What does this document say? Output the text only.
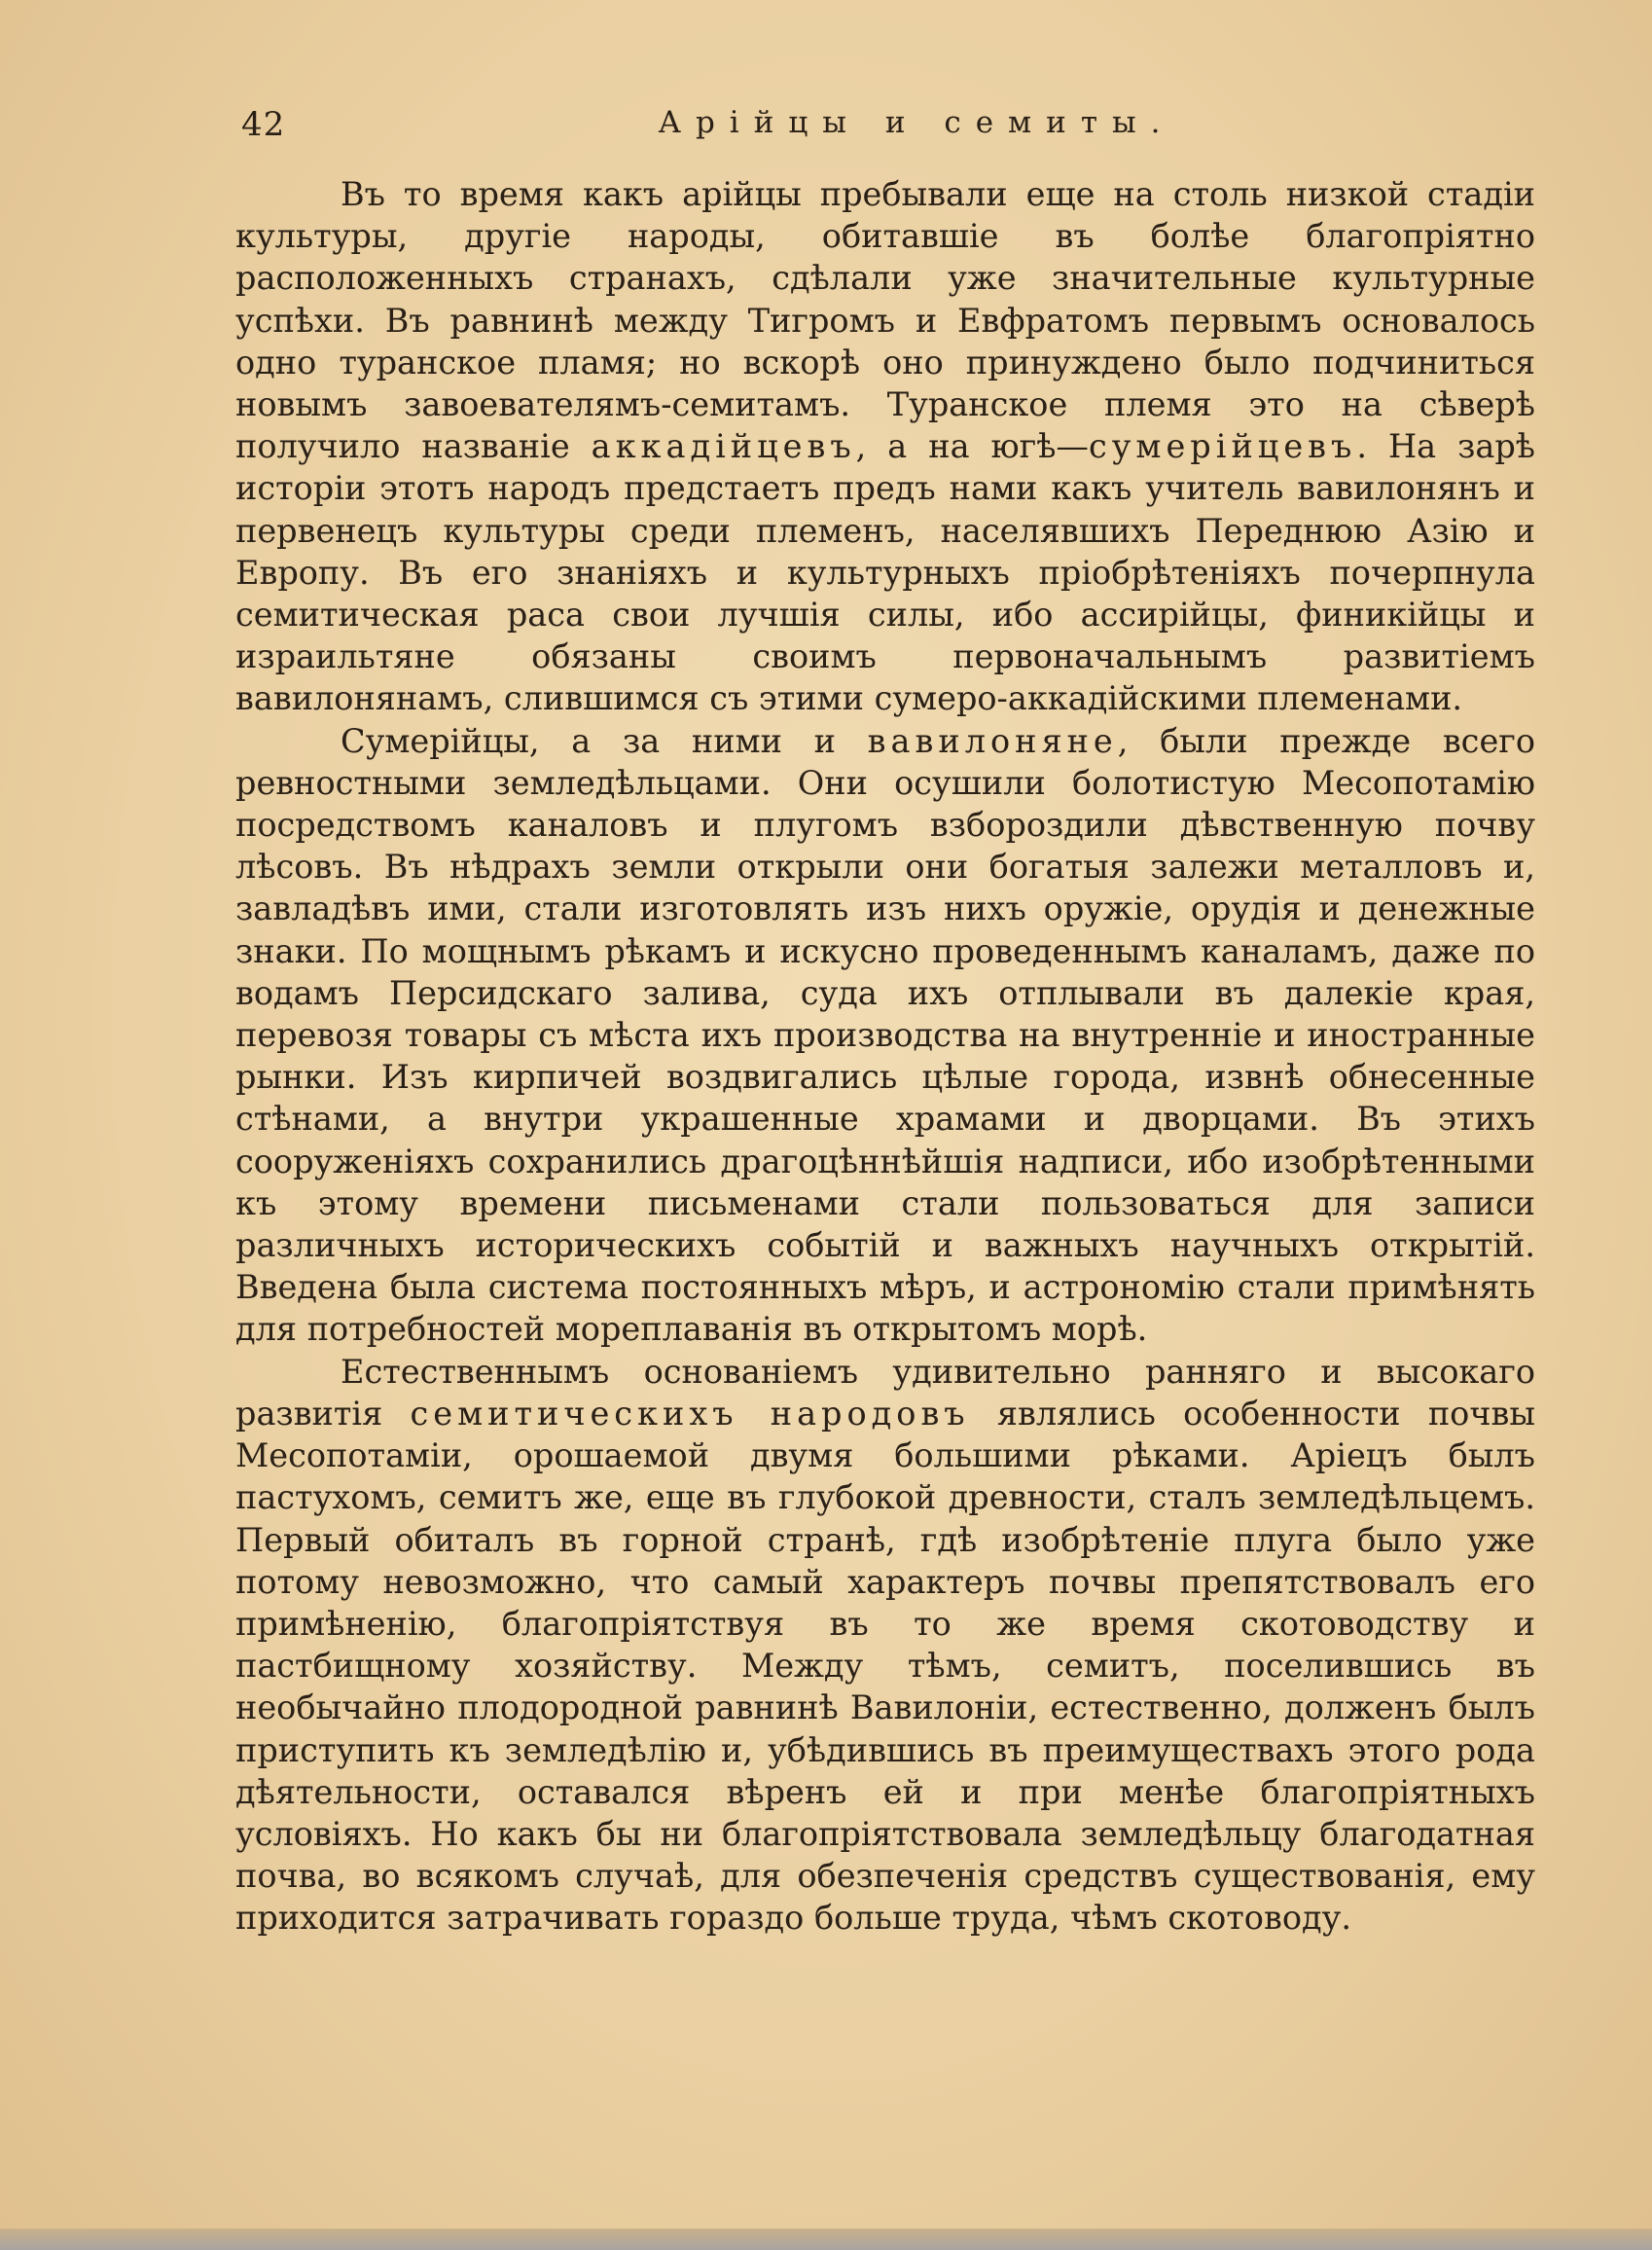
42	Арійцы и семиты.

Въ то время какъ арійцы пребывали еще на столь низкой стадіи культуры, другіе народы, обитавшіе въ болѣе благопріятно расположенныхъ странахъ, сдѣлали уже значительные культурные успѣхи. Въ равнинѣ между Тигромъ и Евфратомъ первымъ основалось одно туранское пламя; но вскорѣ оно принуждено было подчиниться новымъ завоевателямъ-семитамъ. Туранское племя это на сѣверѣ получило названіе аккадійцевъ, а на югѣ—сумерійцевъ. На зарѣ исторіи этотъ народъ предстаетъ предъ нами какъ учитель вавилонянъ и первенецъ культуры среди племенъ, населявшихъ Переднюю Азію и Европу. Въ его знаніяхъ и культурныхъ пріобрѣтеніяхъ почерпнула семитическая раса свои лучшія силы, ибо ассирійцы, финикійцы и израильтяне обязаны своимъ первоначальнымъ развитіемъ вавилонянамъ, слившимся съ этими сумеро-аккадійскими племенами.

Сумерійцы, а за ними и вавилоняне, были прежде всего ревностными земледѣльцами. Они осушили болотистую Месопотамію посредствомъ каналовъ и плугомъ взбороздили дѣвственную почву лѣсовъ. Въ нѣдрахъ земли открыли они богатыя залежи металловъ и, завладѣвъ ими, стали изготовлять изъ нихъ оружіе, орудія и денежные знаки. По мощнымъ рѣкамъ и искусно проведеннымъ каналамъ, даже по водамъ Персидскаго залива, суда ихъ отплывали въ далекіе края, перевозя товары съ мѣста ихъ производства на внутренніе и иностранные рынки. Изъ кирпичей воздвигались цѣлые города, извнѣ обнесенные стѣнами, а внутри украшенные храмами и дворцами. Въ этихъ сооруженіяхъ сохранились драгоцѣннѣйшія надписи, ибо изобрѣтенными къ этому времени письменами стали пользоваться для записи различныхъ историческихъ событій и важныхъ научныхъ открытій. Введена была система постоянныхъ мѣръ, и астрономію стали примѣнять для потребностей мореплаванія въ открытомъ морѣ.

Естественнымъ основаніемъ удивительно ранняго и высокаго развитія семитическихъ народовъ являлись особенности почвы Месопотаміи, орошаемой двумя большими рѣками. Аріецъ былъ пастухомъ, семитъ же, еще въ глубокой древности, сталъ земледѣльцемъ. Первый обиталъ въ горной странѣ, гдѣ изобрѣтеніе плуга было уже потому невозможно, что самый характеръ почвы препятствовалъ его примѣненію, благопріятствуя въ то же время скотоводству и пастбищному хозяйству. Между тѣмъ, семитъ, поселившись въ необычайно плодородной равнинѣ Вавилоніи, естественно, долженъ былъ приступить къ земледѣлію и, убѣдившись въ преимуществахъ этого рода дѣятельности, оставался вѣренъ ей и при менѣе благопріятныхъ условіяхъ. Но какъ бы ни благопріятствовала земледѣльцу благодатная почва, во всякомъ случаѣ, для обезпеченія средствъ существованія, ему приходится затрачивать гораздо больше труда, чѣмъ скотоводу.
